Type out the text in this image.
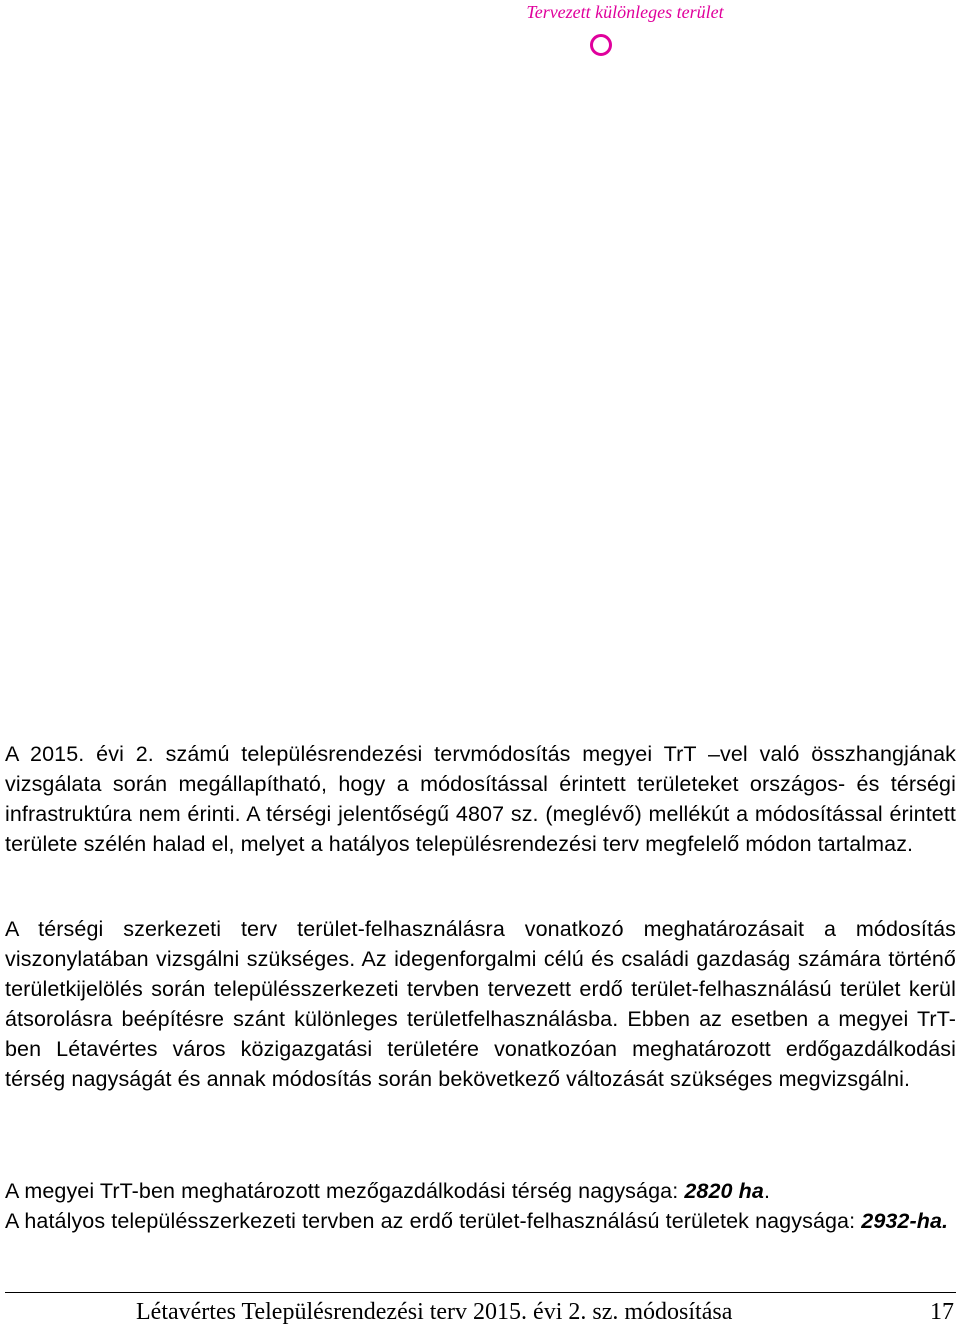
Tervezett különleges terület

A 2015. évi 2. számú településrendezési tervmódosítás megyei TrT –vel való összhangjának vizsgálata során megállapítható, hogy a módosítással érintett területeket országos- és térségi infrastruktúra nem érinti. A térségi jelentőségű 4807 sz. (meglévő) mellékút a módosítással érintett területe szélén halad el, melyet a hatályos településrendezési terv megfelelő módon tartalmaz.

A térségi szerkezeti terv terület-felhasználásra vonatkozó meghatározásait a módosítás viszonylatában vizsgálni szükséges. Az idegenforgalmi célú és családi gazdaság számára történő területkijelölés során településszerkezeti tervben tervezett erdő terület-felhasználású terület kerül átsorolásra beépítésre szánt különleges területfelhasználásba. Ebben az esetben a megyei TrT-ben Létavértes város közigazgatási területére vonatkozóan meghatározott erdőgazdálkodási térség nagyságát és annak módosítás során bekövetkező változását szükséges megvizsgálni.

A megyei TrT-ben meghatározott mezőgazdálkodási térség nagysága: 2820 ha.

A hatályos településszerkezeti tervben az erdő terület-felhasználású területek nagysága: 2932-ha.

Létavértes Településrendezési terv 2015. évi 2. sz. módosítása	17
